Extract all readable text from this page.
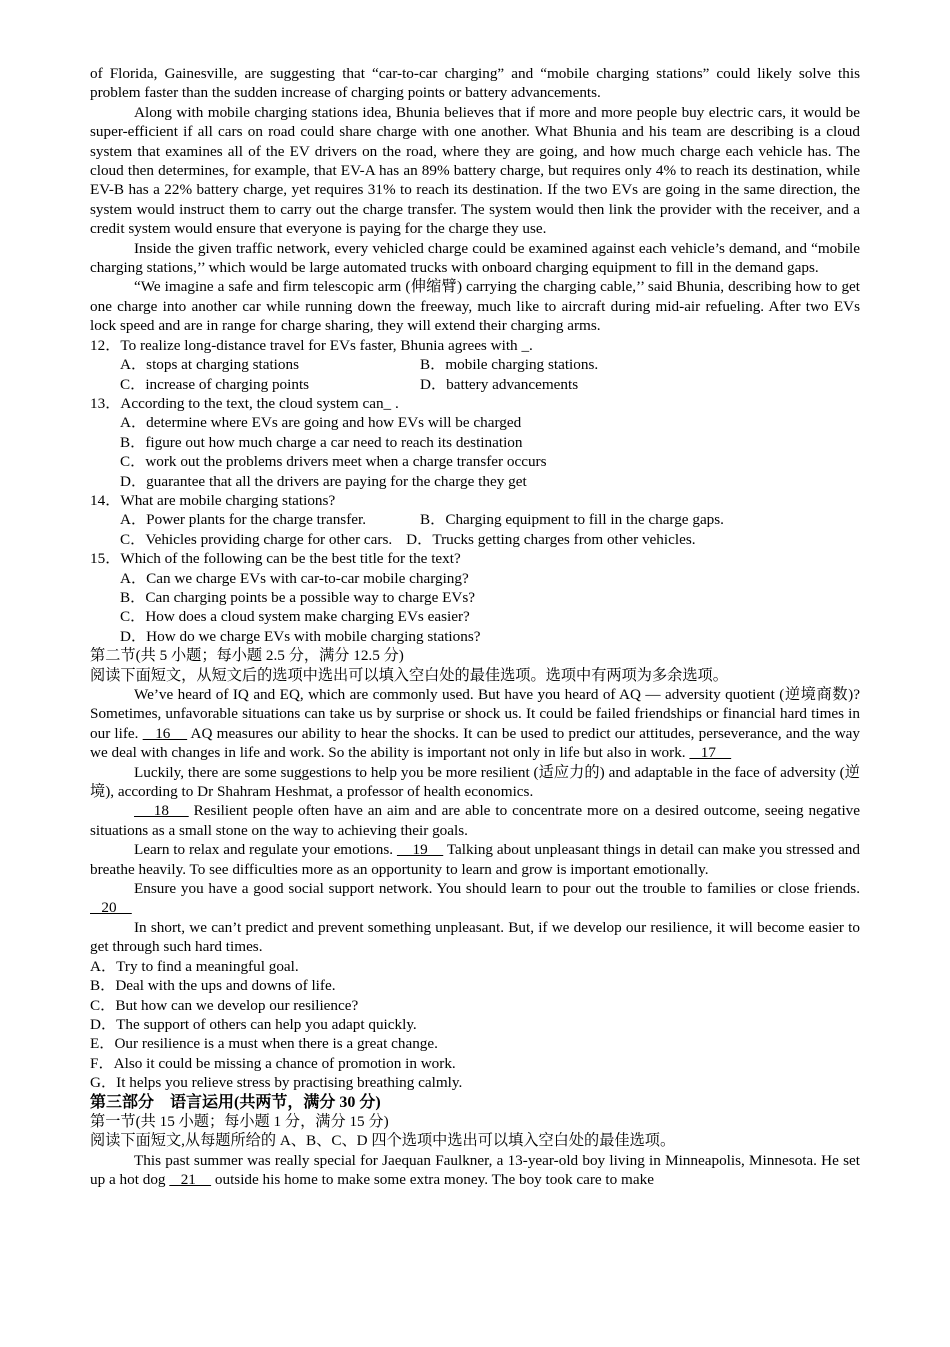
of Florida, Gainesville, are suggesting that “car-to-car charging” and “mobile charging stations” could likely solve this problem faster than the sudden increase of charging points or battery advancements.

Along with mobile charging stations idea, Bhunia believes that if more and more people buy electric cars, it would be super-efficient if all cars on road could share charge with one another. What Bhunia and his team are describing is a cloud system that examines all of the EV drivers on the road, where they are going, and how much charge each vehicle has. The cloud then determines, for example, that EV-A has an 89% battery charge, but requires only 4% to reach its destination, while EV-B has a 22% battery charge, yet requires 31% to reach its destination. If the two EVs are going in the same direction, the system would instruct them to carry out the charge transfer. The system would then link the provider with the receiver, and a credit system would ensure that everyone is paying for the charge they use.

Inside the given traffic network, every vehicled charge could be examined against each vehicle’s demand, and “mobile charging stations,’’ which would be large automated trucks with onboard charging equipment to fill in the demand gaps.

“We imagine a safe and firm telescopic arm (伸缩臂) carrying the charging cable,’’ said Bhunia, describing how to get one charge into another car while running down the freeway, much like to aircraft during mid-air refueling. After two EVs lock speed and are in range for charge sharing, they will extend their charging arms.

12．To realize long-distance travel for EVs faster, Bhunia agrees with _.

A．stops at charging stations	B．mobile charging stations.
C．increase of charging points	D．battery advancements

13．According to the text, the cloud system can_ .

A．determine where EVs are going and how EVs will be charged

B．figure out how much charge a car need to reach its destination

C．work out the problems drivers meet when a charge transfer occurs

D．guarantee that all the drivers are paying for the charge they get

14．What are mobile charging stations?

A．Power plants for the charge transfer.	B．Charging equipment to fill in the charge gaps.
C．Vehicles providing charge for other cars. D．Trucks getting charges from other vehicles.

15．Which of the following can be the best title for the text?

A．Can we charge EVs with car-to-car mobile charging?

B．Can charging points be a possible way to charge EVs?

C．How does a cloud system make charging EVs easier?

D．How do we charge EVs with mobile charging stations?

第二节(共 5 小题；每小题 2.5 分，满分 12.5 分)

阅读下面短文，从短文后的选项中选出可以填入空白处的最佳选项。选项中有两项为多余选项。

We’ve heard of IQ and EQ, which are commonly used. But have you heard of AQ — adversity quotient (逆境商数)? Sometimes, unfavorable situations can take us by surprise or shock us. It could be failed friendships or financial hard times in our life.    16     AQ measures our ability to hear the shocks. It can be used to predict our attitudes, perseverance, and the way we deal with changes in life and work. So the ability is important not only in life but also in work.    17

Luckily, there are some suggestions to help you be more resilient (适应力的) and adaptable in the face of adversity (逆境), according to Dr Shahram Heshmat, a professor of health economics.

18     Resilient people often have an aim and are able to concentrate more on a desired outcome, seeing negative situations as a small stone on the way to achieving their goals.

Learn to relax and regulate your emotions.     19     Talking about unpleasant things in detail can make you stressed and breathe heavily. To see difficulties more as an opportunity to learn and grow is important emotionally.

Ensure you have a good social support network. You should learn to pour out the trouble to families or close friends.    20

In short, we can’t predict and prevent something unpleasant. But, if we develop our resilience, it will become easier to get through such hard times.

A．Try to find a meaningful goal.

B．Deal with the ups and downs of life.

C．But how can we develop our resilience?

D．The support of others can help you adapt quickly.

E．Our resilience is a must when there is a great change.

F．Also it could be missing a chance of promotion in work.

G．It helps you relieve stress by practising breathing calmly.

第三部分　语言运用(共两节，满分 30 分)

第一节(共 15 小题；每小题 1 分，满分 15 分)

阅读下面短文,从每题所给的 A、B、C、D 四个选项中选出可以填入空白处的最佳选项。

This past summer was really special for Jaequan Faulkner, a 13-year-old boy living in Minneapolis, Minnesota. He set up a hot dog    21     outside his home to make some extra money. The boy took care to make
